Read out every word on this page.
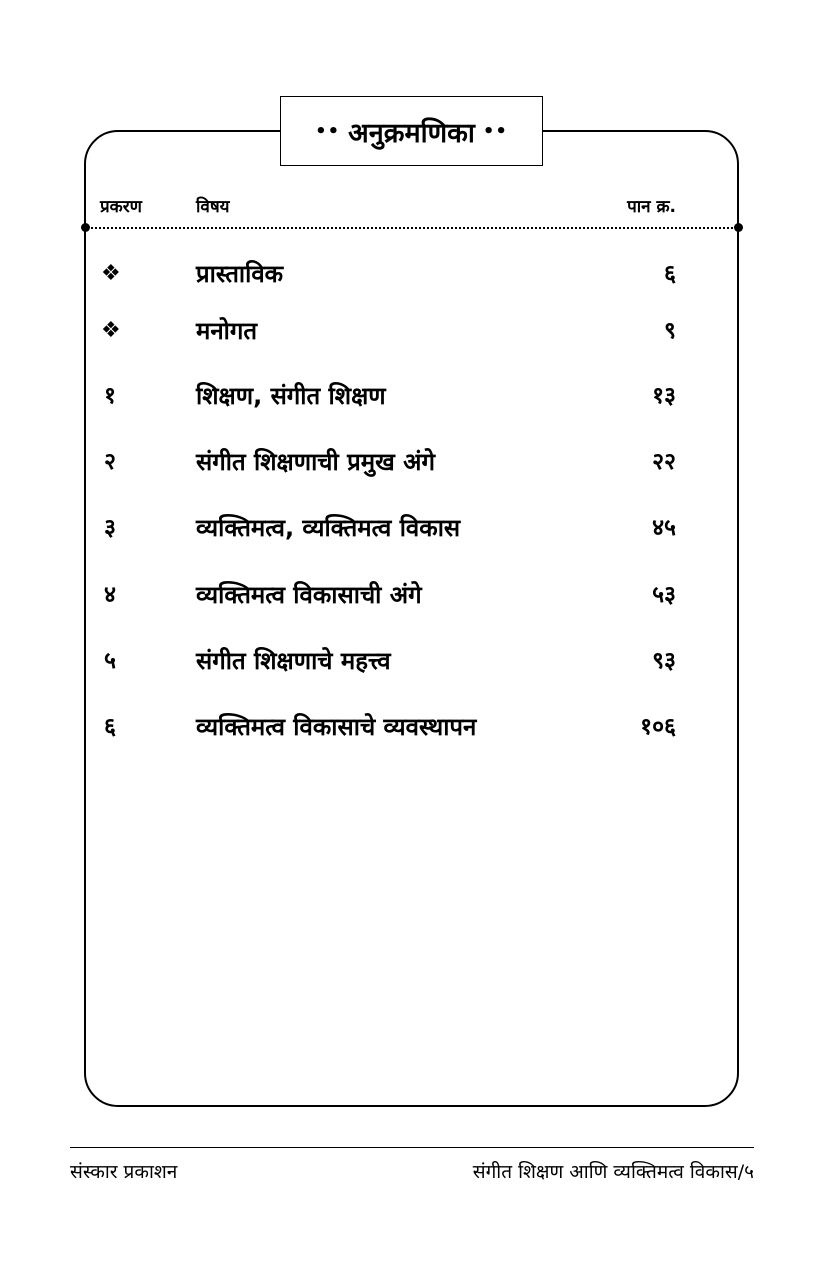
•• अनुक्रमणिका ••
प्रकरण	विषय	पान क्र.
❖	प्रास्ताविक	६
❖	मनोगत	९
१	शिक्षण, संगीत शिक्षण	१३
२	संगीत शिक्षणाची प्रमुख अंगे	२२
३	व्यक्तिमत्व, व्यक्तिमत्व विकास	४५
४	व्यक्तिमत्व विकासाची अंगे	५३
५	संगीत शिक्षणाचे महत्त्व	९३
६	व्यक्तिमत्व विकासाचे व्यवस्थापन	१०६
संस्कार प्रकाशन	संगीत शिक्षण आणि व्यक्तिमत्व विकास/५
